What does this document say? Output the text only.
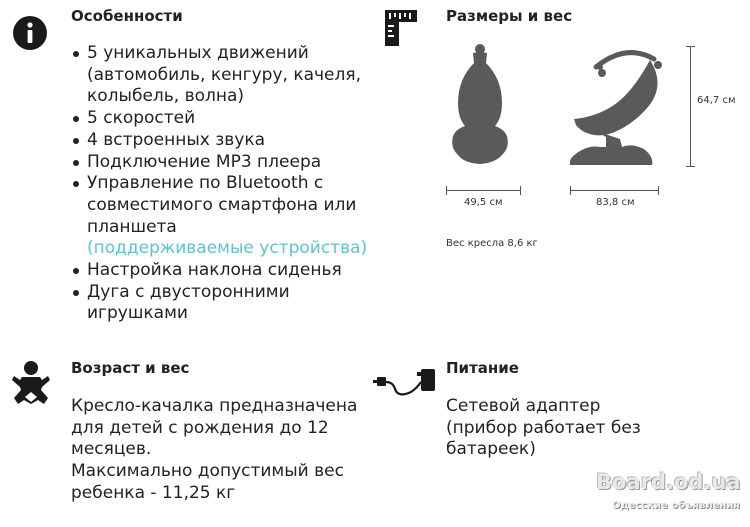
Особенности
5 уникальных движений (автомобиль, кенгуру, качеля, колыбель, волна)
5 скоростей
4 встроенных звука
Подключение МР3 плеера
Управление по Bluetooth с совместимого смартфона или планшета
(поддерживаемые устройства)
Настройка наклона сиденья
Дуга с двусторонними игрушками
Размеры и вес
64,7 см
49,5 см	83,8 см
Вес кресла 8,6 кг
Возраст и вес
Кресло-качалка предназначена для детей с рождения до 12 месяцев.
Максимально допустимый вес ребенка - 11,25 кг
Питание
Сетевой адаптер (прибор работает без батареек)
Board.od.ua
Одесские объявления
